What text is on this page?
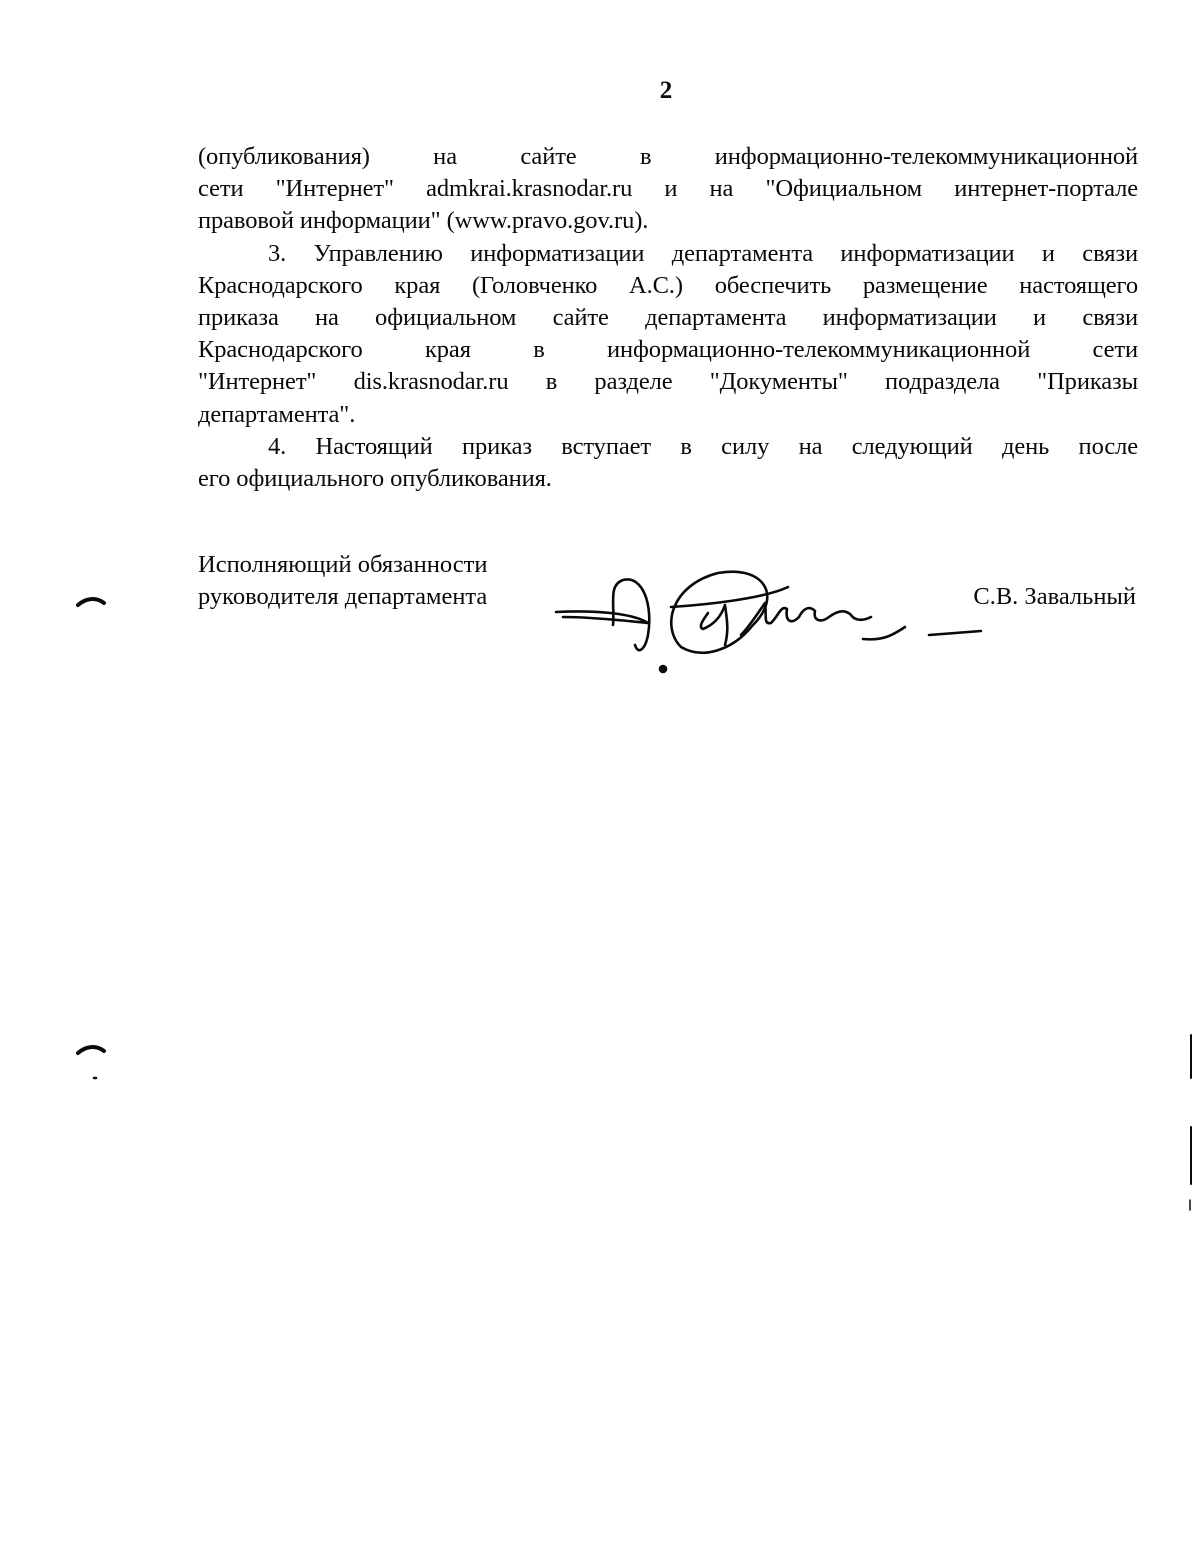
2
(опубликования) на сайте в информационно-телекоммуникационной
сети "Интернет" admkrai.krasnodar.ru и на "Официальном интернет-портале
правовой информации" (www.pravo.gov.ru).
3. Управлению информатизации департамента информатизации и связи
Краснодарского края (Головченко А.С.) обеспечить размещение настоящего
приказа на официальном сайте департамента информатизации и связи
Краснодарского края в информационно-телекоммуникационной сети
"Интернет" dis.krasnodar.ru в разделе "Документы" подраздела "Приказы
департамента".
4. Настоящий приказ вступает в силу на следующий день после
его официального опубликования.
Исполняющий обязанности
руководителя департамента	С.В. Завальный
